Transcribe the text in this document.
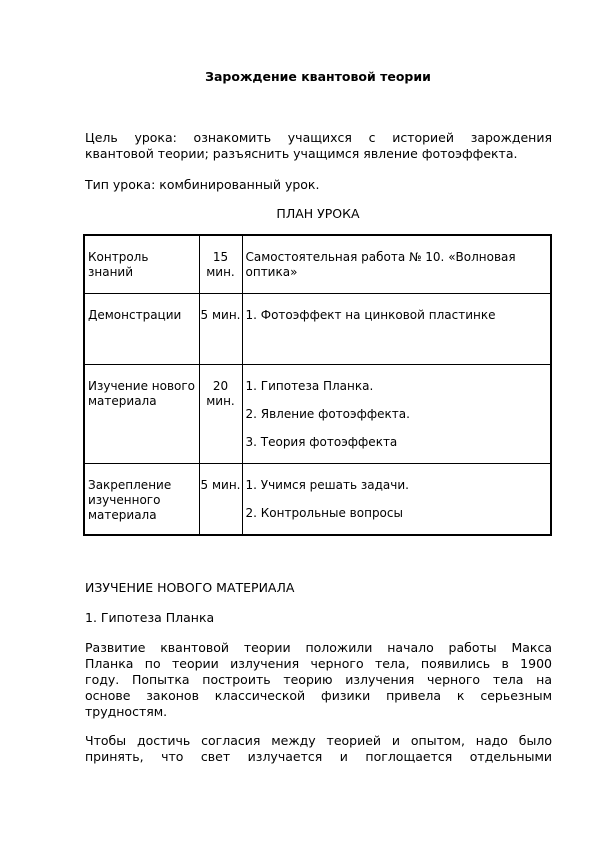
Зарождение квантовой теории
Цель урока: ознакомить учащихся с историей зарождения
квантовой теории; разъяснить учащимся явление фотоэффекта.
Тип урока: комбинированный урок.
ПЛАН УРОКА
Контроль знаний	15 мин.	Самостоятельная работа № 10. «Волновая оптика»

Демонстрации	5 мин.	1. Фотоэффект на цинковой пластинке

Изучение нового материала	20 мин.	1. Гипотеза Планка.
2. Явление фотоэффекта.
3. Теория фотоэффекта

Закрепление изученного материала	5 мин.	1. Учимся решать задачи.
2. Контрольные вопросы
ИЗУЧЕНИЕ НОВОГО МАТЕРИАЛА
1. Гипотеза Планка
Развитие квантовой теории положили начало работы Макса
Планка по теории излучения черного тела, появились в 1900
году. Попытка построить теорию излучения черного тела на
основе законов классической физики привела к серьезным
трудностям.
Чтобы достичь согласия между теорией и опытом, надо было
принять, что свет излучается и поглощается отдельными
